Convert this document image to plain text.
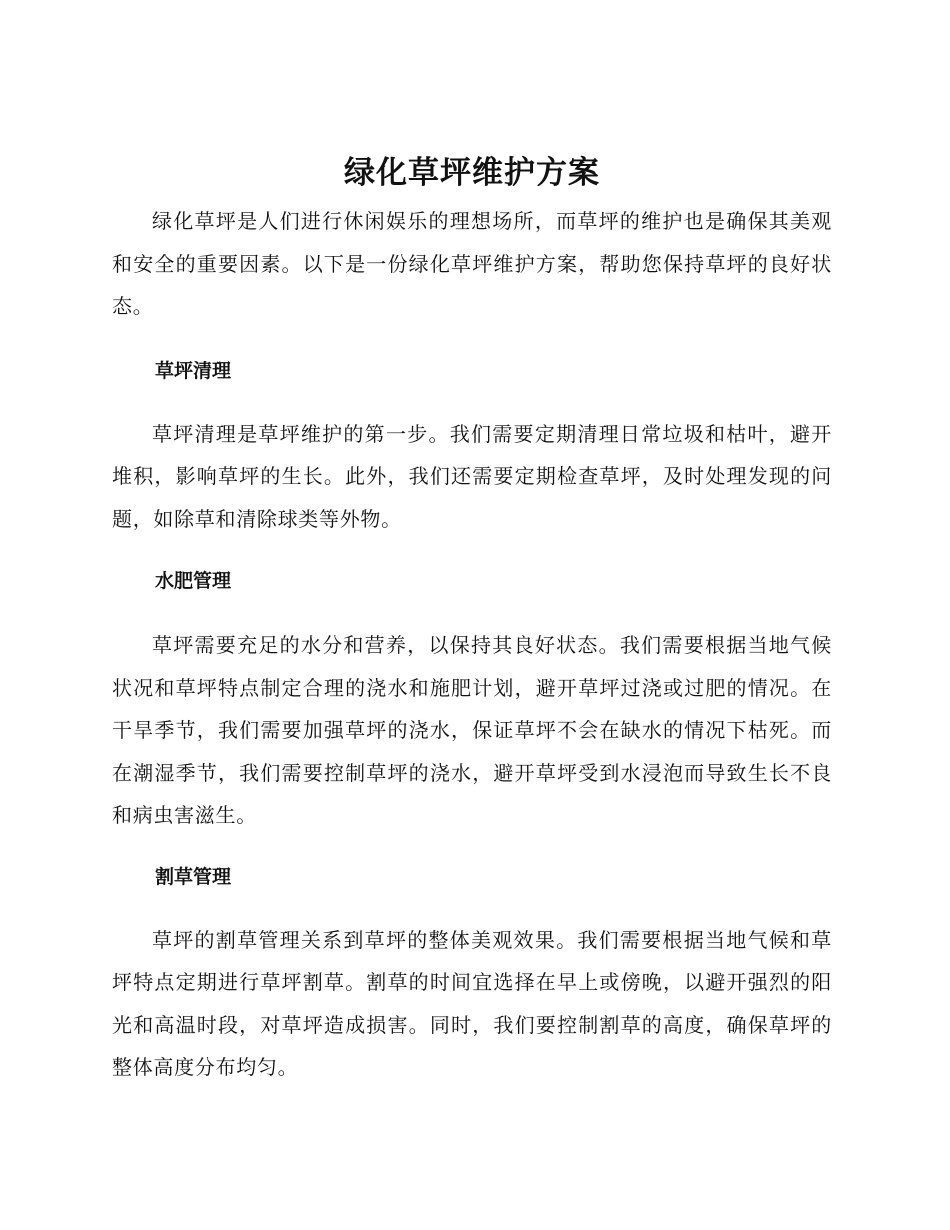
绿化草坪维护方案

绿化草坪是人们进行休闲娱乐的理想场所，而草坪的维护也是确保其美观和安全的重要因素。以下是一份绿化草坪维护方案，帮助您保持草坪的良好状态。

草坪清理

草坪清理是草坪维护的第一步。我们需要定期清理日常垃圾和枯叶，避开堆积，影响草坪的生长。此外，我们还需要定期检查草坪，及时处理发现的问题，如除草和清除球类等外物。

水肥管理

草坪需要充足的水分和营养，以保持其良好状态。我们需要根据当地气候状况和草坪特点制定合理的浇水和施肥计划，避开草坪过浇或过肥的情况。在干旱季节，我们需要加强草坪的浇水，保证草坪不会在缺水的情况下枯死。而在潮湿季节，我们需要控制草坪的浇水，避开草坪受到水浸泡而导致生长不良和病虫害滋生。

割草管理

草坪的割草管理关系到草坪的整体美观效果。我们需要根据当地气候和草坪特点定期进行草坪割草。割草的时间宜选择在早上或傍晚，以避开强烈的阳光和高温时段，对草坪造成损害。同时，我们要控制割草的高度，确保草坪的整体高度分布均匀。
